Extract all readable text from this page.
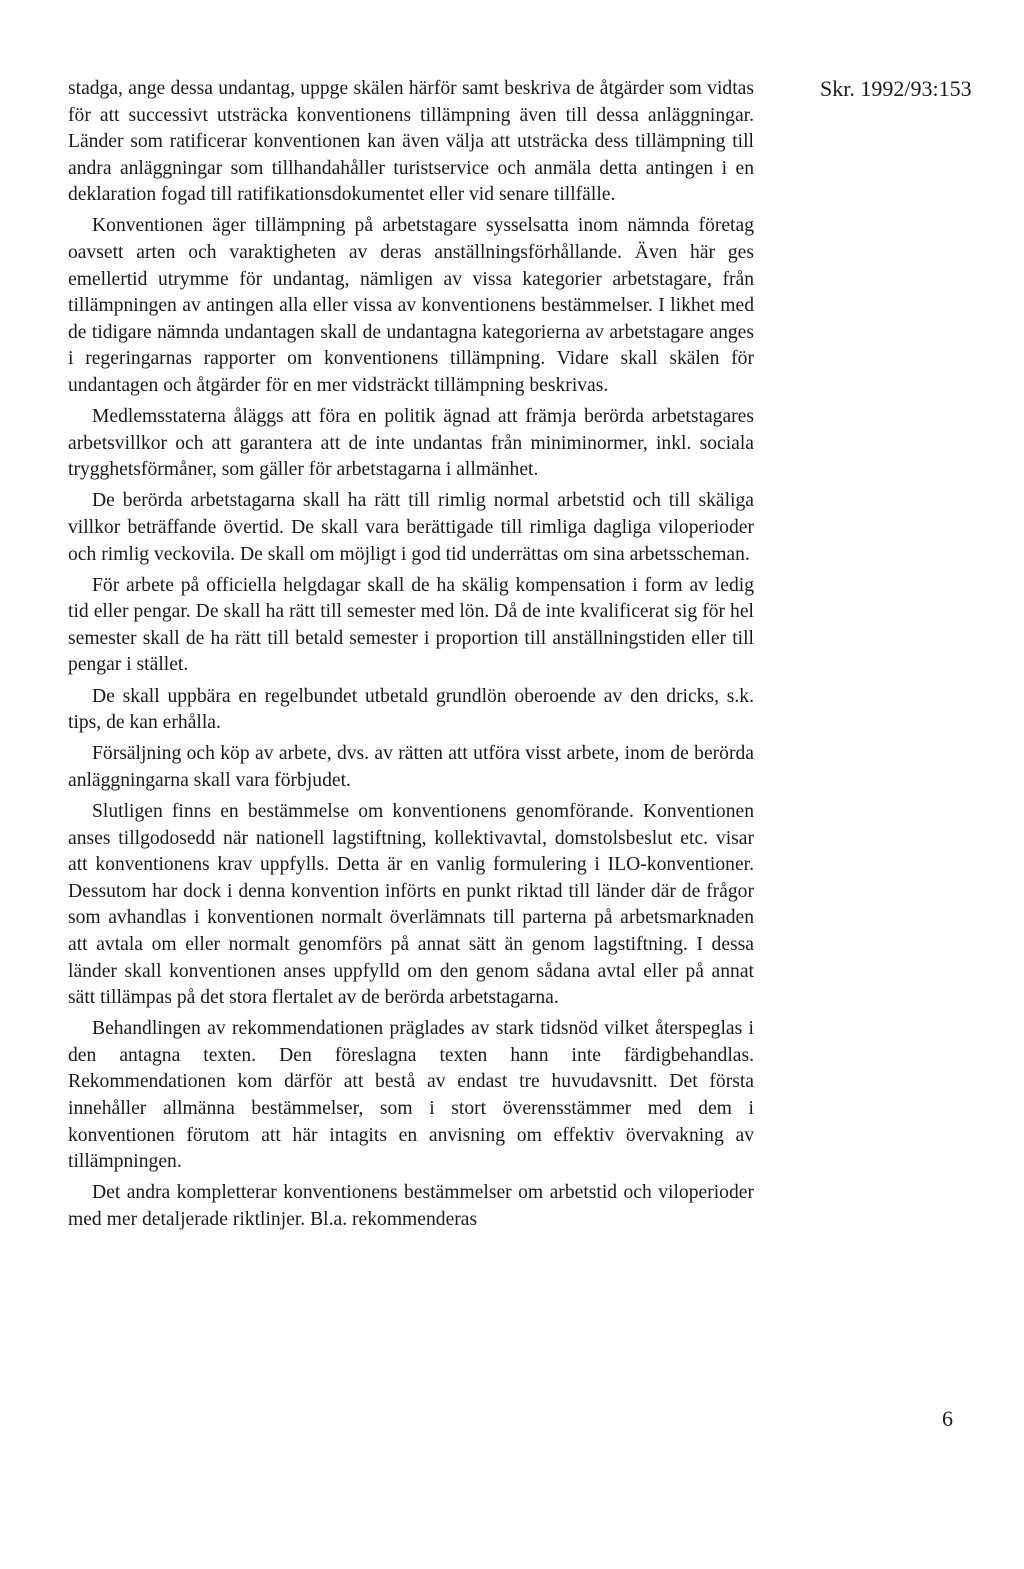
Skr. 1992/93:153

stadga, ange dessa undantag, uppge skälen härför samt beskriva de åtgärder som vidtas för att successivt utsträcka konventionens tillämpning även till dessa anläggningar. Länder som ratificerar konventionen kan även välja att utsträcka dess tillämpning till andra anläggningar som tillhandahåller turistservice och anmäla detta antingen i en deklaration fogad till ratifikationsdokumentet eller vid senare tillfälle.

Konventionen äger tillämpning på arbetstagare sysselsatta inom nämnda företag oavsett arten och varaktigheten av deras anställningsförhållande. Även här ges emellertid utrymme för undantag, nämligen av vissa kategorier arbetstagare, från tillämpningen av antingen alla eller vissa av konventionens bestämmelser. I likhet med de tidigare nämnda undantagen skall de undantagna kategorierna av arbetstagare anges i regeringarnas rapporter om konventionens tillämpning. Vidare skall skälen för undantagen och åtgärder för en mer vidsträckt tillämpning beskrivas.

Medlemsstaterna åläggs att föra en politik ägnad att främja berörda arbetstagares arbetsvillkor och att garantera att de inte undantas från miniminormer, inkl. sociala trygghetsförmåner, som gäller för arbetstagarna i allmänhet.

De berörda arbetstagarna skall ha rätt till rimlig normal arbetstid och till skäliga villkor beträffande övertid. De skall vara berättigade till rimliga dagliga viloperioder och rimlig veckovila. De skall om möjligt i god tid underrättas om sina arbetsscheman.

För arbete på officiella helgdagar skall de ha skälig kompensation i form av ledig tid eller pengar. De skall ha rätt till semester med lön. Då de inte kvalificerat sig för hel semester skall de ha rätt till betald semester i proportion till anställningstiden eller till pengar i stället.

De skall uppbära en regelbundet utbetald grundlön oberoende av den dricks, s.k. tips, de kan erhålla.

Försäljning och köp av arbete, dvs. av rätten att utföra visst arbete, inom de berörda anläggningarna skall vara förbjudet.

Slutligen finns en bestämmelse om konventionens genomförande. Konventionen anses tillgodosedd när nationell lagstiftning, kollektivavtal, domstolsbeslut etc. visar att konventionens krav uppfylls. Detta är en vanlig formulering i ILO-konventioner. Dessutom har dock i denna konvention införts en punkt riktad till länder där de frågor som avhandlas i konventionen normalt överlämnats till parterna på arbetsmarknaden att avtala om eller normalt genomförs på annat sätt än genom lagstiftning. I dessa länder skall konventionen anses uppfylld om den genom sådana avtal eller på annat sätt tillämpas på det stora flertalet av de berörda arbetstagarna.

Behandlingen av rekommendationen präglades av stark tidsnöd vilket återspeglas i den antagna texten. Den föreslagna texten hann inte färdigbehandlas. Rekommendationen kom därför att bestå av endast tre huvudavsnitt. Det första innehåller allmänna bestämmelser, som i stort överensstämmer med dem i konventionen förutom att här intagits en anvisning om effektiv övervakning av tillämpningen.

Det andra kompletterar konventionens bestämmelser om arbetstid och viloperioder med mer detaljerade riktlinjer. Bl.a. rekommenderas

6
